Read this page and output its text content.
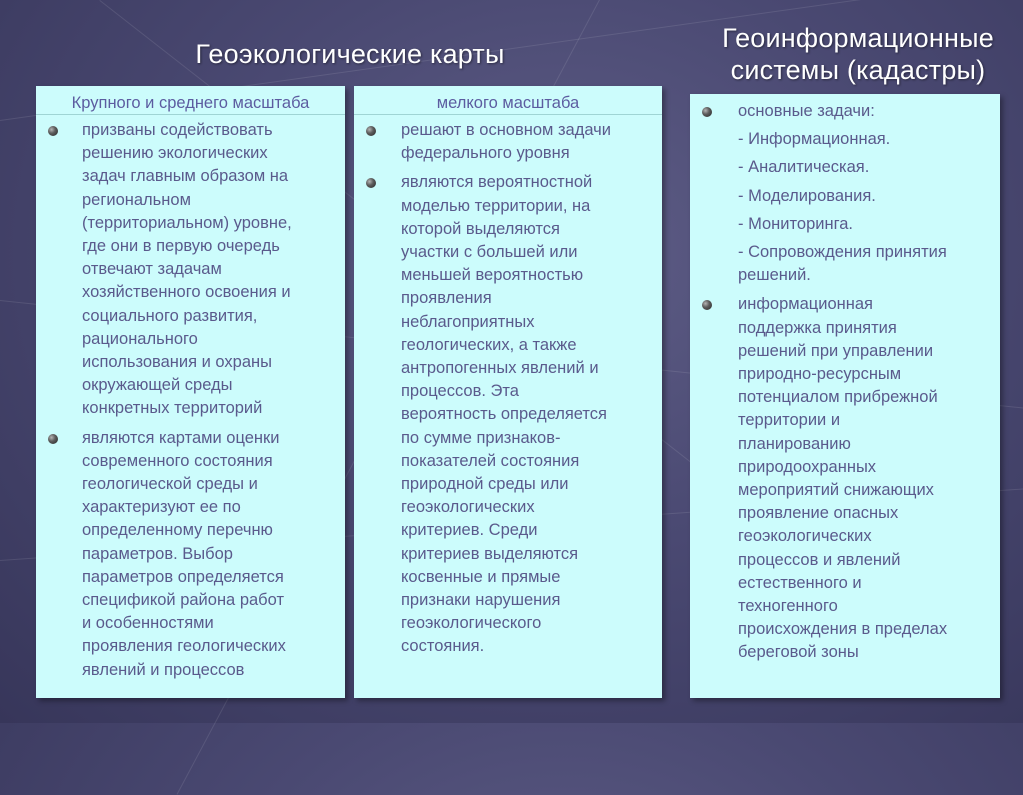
Геоэкологические карты
Геоинформационные
системы (кадастры)
Крупного и среднего масштаба
призваны содействовать
решению экологических
задач главным образом на
региональном
(территориальном) уровне,
где они в первую очередь
отвечают задачам
хозяйственного освоения и
социального развития,
рационального
использования и охраны
окружающей среды
конкретных территорий
являются картами оценки
современного состояния
геологической среды и
характеризуют ее по
определенному перечню
параметров. Выбор
параметров определяется
спецификой района работ
и особенностями
проявления геологических
явлений и процессов
мелкого масштаба
решают в основном задачи
федерального уровня
являются вероятностной
моделью территории, на
которой выделяются
участки с большей или
меньшей вероятностью
проявления
неблагоприятных
геологических, а также
антропогенных явлений и
процессов. Эта
вероятность определяется
по сумме признаков-
показателей состояния
природной среды или
геоэкологических
критериев. Среди
критериев выделяются
косвенные и прямые
признаки нарушения
геоэкологического
состояния.
основные задачи:
- Информационная.
- Аналитическая.
- Моделирования.
- Мониторинга.
- Сопровождения принятия
решений.
информационная
поддержка принятия
решений при управлении
природно-ресурсным
потенциалом прибрежной
территории и
планированию
природоохранных
мероприятий снижающих
проявление опасных
геоэкологических
процессов и явлений
естественного и
техногенного
происхождения в пределах
береговой зоны
